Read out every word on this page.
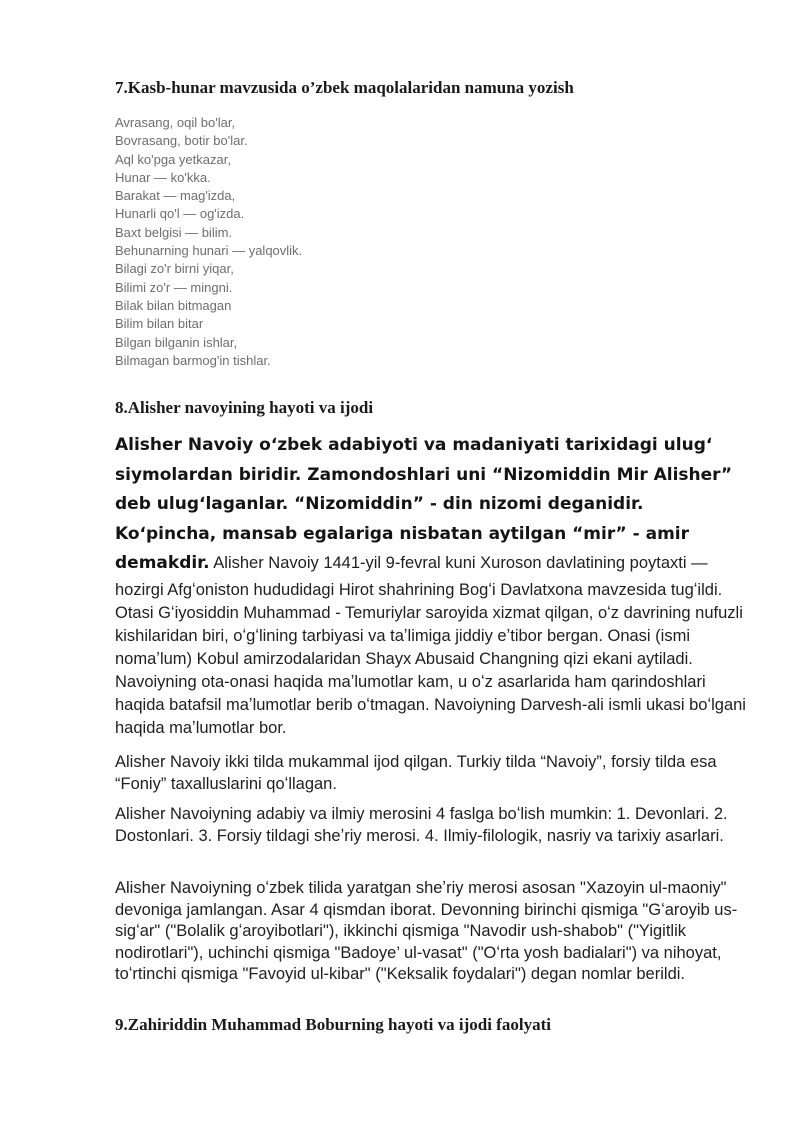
7.Kasb-hunar mavzusida o’zbek maqolalaridan namuna yozish
Avrasang, oqil bo'lar,
Bovrasang, botir bo'lar.
Aql ko'pga yetkazar,
Hunar — ko'kka.
Barakat — mag'izda,
Hunarli qo'l — og'izda.
Baxt belgisi — bilim.
Behunarning hunari — yalqovlik.
Bilagi zo'r birni yiqar,
Bilimi zo'r — mingni.
Bilak bilan bitmagan
Bilim bilan bitar
Bilgan bilganin ishlar,
Bilmagan barmog'in tishlar.
8.Alisher navoyining hayoti va ijodi

Alisher Navoiy oʻzbek adabiyoti va madaniyati tarixidagi ulugʻ siymolardan biridir. Zamondoshlari uni “Nizomiddin Mir Alisher” deb ulugʻlaganlar. “Nizomiddin” - din nizomi deganidir. Koʻpincha, mansab egalariga nisbatan aytilgan “mir” - amir demakdir. Alisher Navoiy 1441-yil 9-fevral kuni Xuroson davlatining poytaxti — hozirgi Afgʻoniston hududidagi Hirot shahrining Bogʻi Davlatxona mavzesida tugʻildi. Otasi Gʻiyosiddin Muhammad - Temuriylar saroyida xizmat qilgan, oʻz davrining nufuzli kishilaridan biri, oʻgʻlining tarbiyasi va taʼlimiga jiddiy eʼtibor bergan. Onasi (ismi nomaʼlum) Kobul amirzodalaridan Shayx Abusaid Changning qizi ekani aytiladi. Navoiyning ota-onasi haqida maʼlumotlar kam, u oʻz asarlarida ham qarindoshlari haqida batafsil maʼlumotlar berib oʻtmagan. Navoiyning Darvesh-ali ismli ukasi boʻlgani haqida maʼlumotlar bor.

Alisher Navoiy ikki tilda mukammal ijod qilgan. Turkiy tilda “Navoiy”, forsiy tilda esa “Foniy” taxalluslarini qoʻllagan.

Alisher Navoiyning adabiy va ilmiy merosini 4 faslga boʻlish mumkin: 1. Devonlari. 2. Dostonlari. 3. Forsiy tildagi sheʼriy merosi. 4. Ilmiy-filologik, nasriy va tarixiy asarlari.

Alisher Navoiyning oʻzbek tilida yaratgan sheʼriy merosi asosan "Xazoyin ul-maoniy" devoniga jamlangan. Asar 4 qismdan iborat. Devonning birinchi qismiga "Gʻaroyib us-sigʻar" ("Bolalik gʻaroyibotlari"), ikkinchi qismiga "Navodir ush-shabob" ("Yigitlik nodirotlari"), uchinchi qismiga "Badoye’ ul-vasat" ("Oʻrta yosh badialari") va nihoyat, toʻrtinchi qismiga "Favoyid ul-kibar" ("Keksalik foydalari") degan nomlar berildi.

9.Zahiriddin Muhammad Boburning hayoti va ijodi faolyati
